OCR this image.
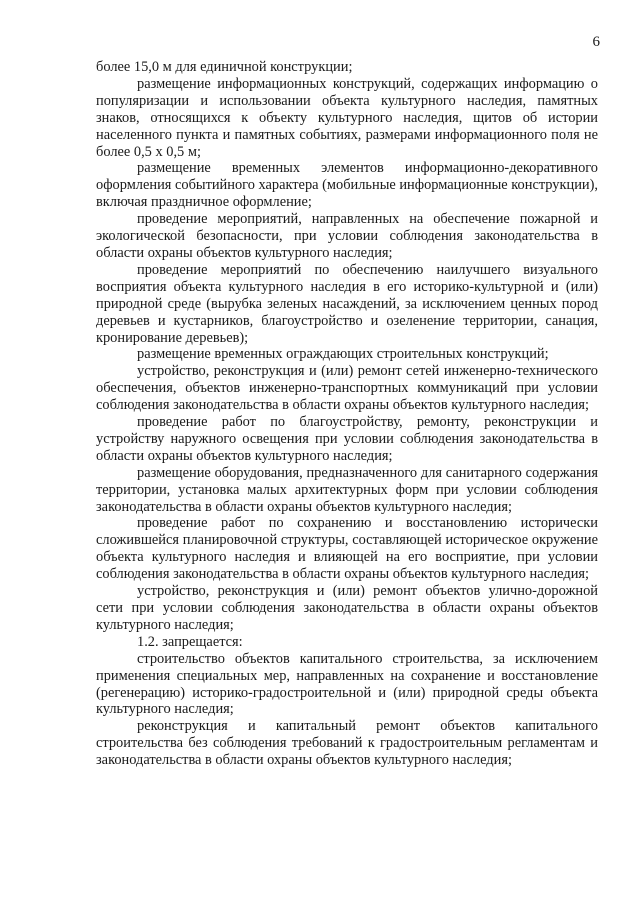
6

более 15,0 м для единичной конструкции;

размещение информационных конструкций, содержащих информацию о популяризации и использовании объекта культурного наследия, памятных знаков, относящихся к объекту культурного наследия, щитов об истории населенного пункта и памятных событиях, размерами информационного поля не более 0,5 х 0,5 м;

размещение временных элементов информационно-декоративного оформления событийного характера (мобильные информационные конструкции), включая праздничное оформление;

проведение мероприятий, направленных на обеспечение пожарной и экологической безопасности, при условии соблюдения законодательства в области охраны объектов культурного наследия;

проведение мероприятий по обеспечению наилучшего визуального восприятия объекта культурного наследия в его историко-культурной и (или) природной среде (вырубка зеленых насаждений, за исключением ценных пород деревьев и кустарников, благоустройство и озеленение территории, санация, кронирование деревьев);

размещение временных ограждающих строительных конструкций;

устройство, реконструкция и (или) ремонт сетей инженерно-технического обеспечения, объектов инженерно-транспортных коммуникаций при условии соблюдения законодательства в области охраны объектов культурного наследия;

проведение работ по благоустройству, ремонту, реконструкции и устройству наружного освещения при условии соблюдения законодательства в области охраны объектов культурного наследия;

размещение оборудования, предназначенного для санитарного содержания территории, установка малых архитектурных форм при условии соблюдения законодательства в области охраны объектов культурного наследия;

проведение работ по сохранению и восстановлению исторически сложившейся планировочной структуры, составляющей историческое окружение объекта культурного наследия и влияющей на его восприятие, при условии соблюдения законодательства в области охраны объектов культурного наследия;

устройство, реконструкция и (или) ремонт объектов улично-дорожной сети при условии соблюдения законодательства в области охраны объектов культурного наследия;

1.2. запрещается:

строительство объектов капитального строительства, за исключением применения специальных мер, направленных на сохранение и восстановление (регенерацию) историко-градостроительной и (или) природной среды объекта культурного наследия;

реконструкция и капитальный ремонт объектов капитального строительства без соблюдения требований к градостроительным регламентам и законодательства в области охраны объектов культурного наследия;
